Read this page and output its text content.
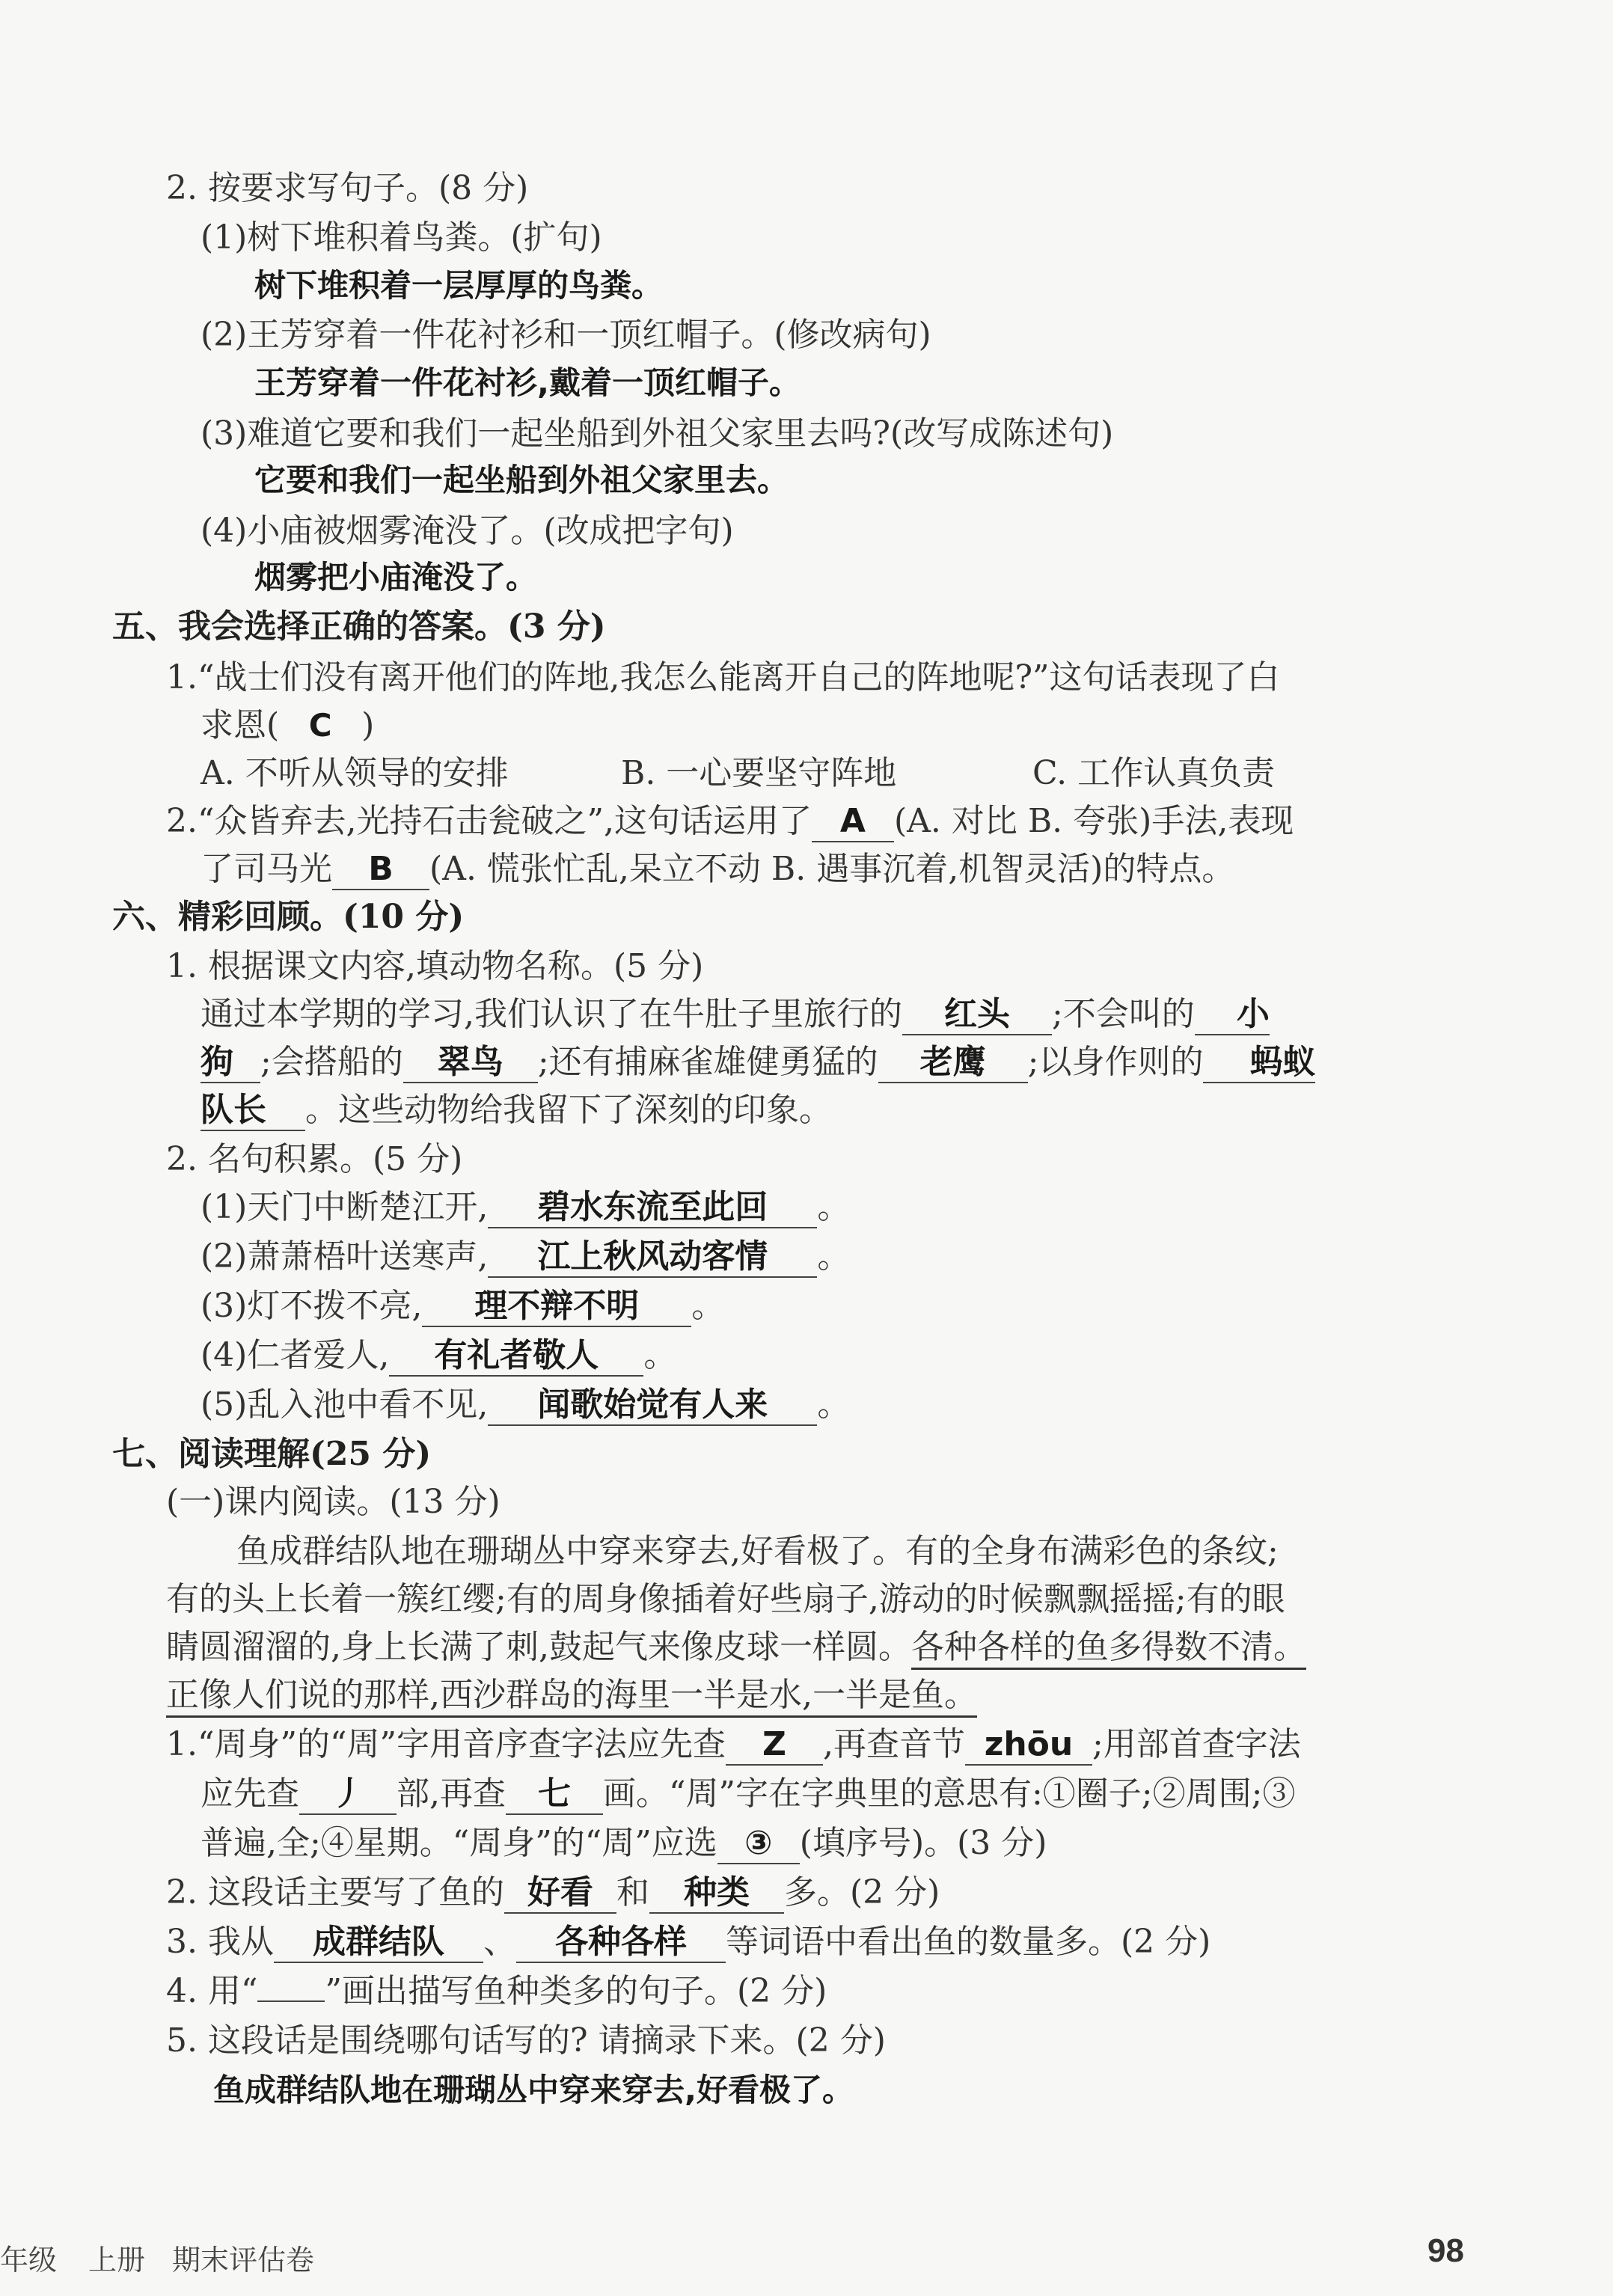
2. 按要求写句子。(8 分)
(1)树下堆积着鸟粪。(扩句)
树下堆积着一层厚厚的鸟粪。
(2)王芳穿着一件花衬衫和一顶红帽子。(修改病句)
王芳穿着一件花衬衫,戴着一顶红帽子。
(3)难道它要和我们一起坐船到外祖父家里去吗?(改写成陈述句)
它要和我们一起坐船到外祖父家里去。
(4)小庙被烟雾淹没了。(改成把字句)
烟雾把小庙淹没了。
五、我会选择正确的答案。(3 分)
1.“战士们没有离开他们的阵地,我怎么能离开自己的阵地呢?”这句话表现了白
求恩( C )
A. 不听从领导的安排	B. 一心要坚守阵地	C. 工作认真负责
2.“众皆弃去,光持石击瓮破之”,这句话运用了 A (A. 对比 B. 夸张)手法,表现
了司马光 B (A. 慌张忙乱,呆立不动 B. 遇事沉着,机智灵活)的特点。
六、精彩回顾。(10 分)
1. 根据课文内容,填动物名称。(5 分)
通过本学期的学习,我们认识了在牛肚子里旅行的 红头 ;不会叫的 小
狗 ;会搭船的 翠鸟 ;还有捕麻雀雄健勇猛的 老鹰 ;以身作则的 蚂蚁
队长 。这些动物给我留下了深刻的印象。
2. 名句积累。(5 分)
(1)天门中断楚江开, 碧水东流至此回 。
(2)萧萧梧叶送寒声, 江上秋风动客情 。
(3)灯不拨不亮, 理不辩不明 。
(4)仁者爱人, 有礼者敬人 。
(5)乱入池中看不见, 闻歌始觉有人来 。
七、阅读理解(25 分)
(一)课内阅读。(13 分)
鱼成群结队地在珊瑚丛中穿来穿去,好看极了。有的全身布满彩色的条纹;
有的头上长着一簇红缨;有的周身像插着好些扇子,游动的时候飘飘摇摇;有的眼
睛圆溜溜的,身上长满了刺,鼓起气来像皮球一样圆。各种各样的鱼多得数不清。
正像人们说的那样,西沙群岛的海里一半是水,一半是鱼。
1.“周身”的“周”字用音序查字法应先查 Z ,再查音节 zhōu ;用部首查字法
应先查 丿 部,再查 七 画。“周”字在字典里的意思有:①圈子;②周围;③
普遍,全;④星期。“周身”的“周”应选 ③ (填序号)。(3 分)
2. 这段话主要写了鱼的 好看 和 种类 多。(2 分)
3. 我从 成群结队 、 各种各样 等词语中看出鱼的数量多。(2 分)
4. 用“ ”画出描写鱼种类多的句子。(2 分)
5. 这段话是围绕哪句话写的? 请摘录下来。(2 分)
鱼成群结队地在珊瑚丛中穿来穿去,好看极了。
年级 上册 期末评估卷	98
